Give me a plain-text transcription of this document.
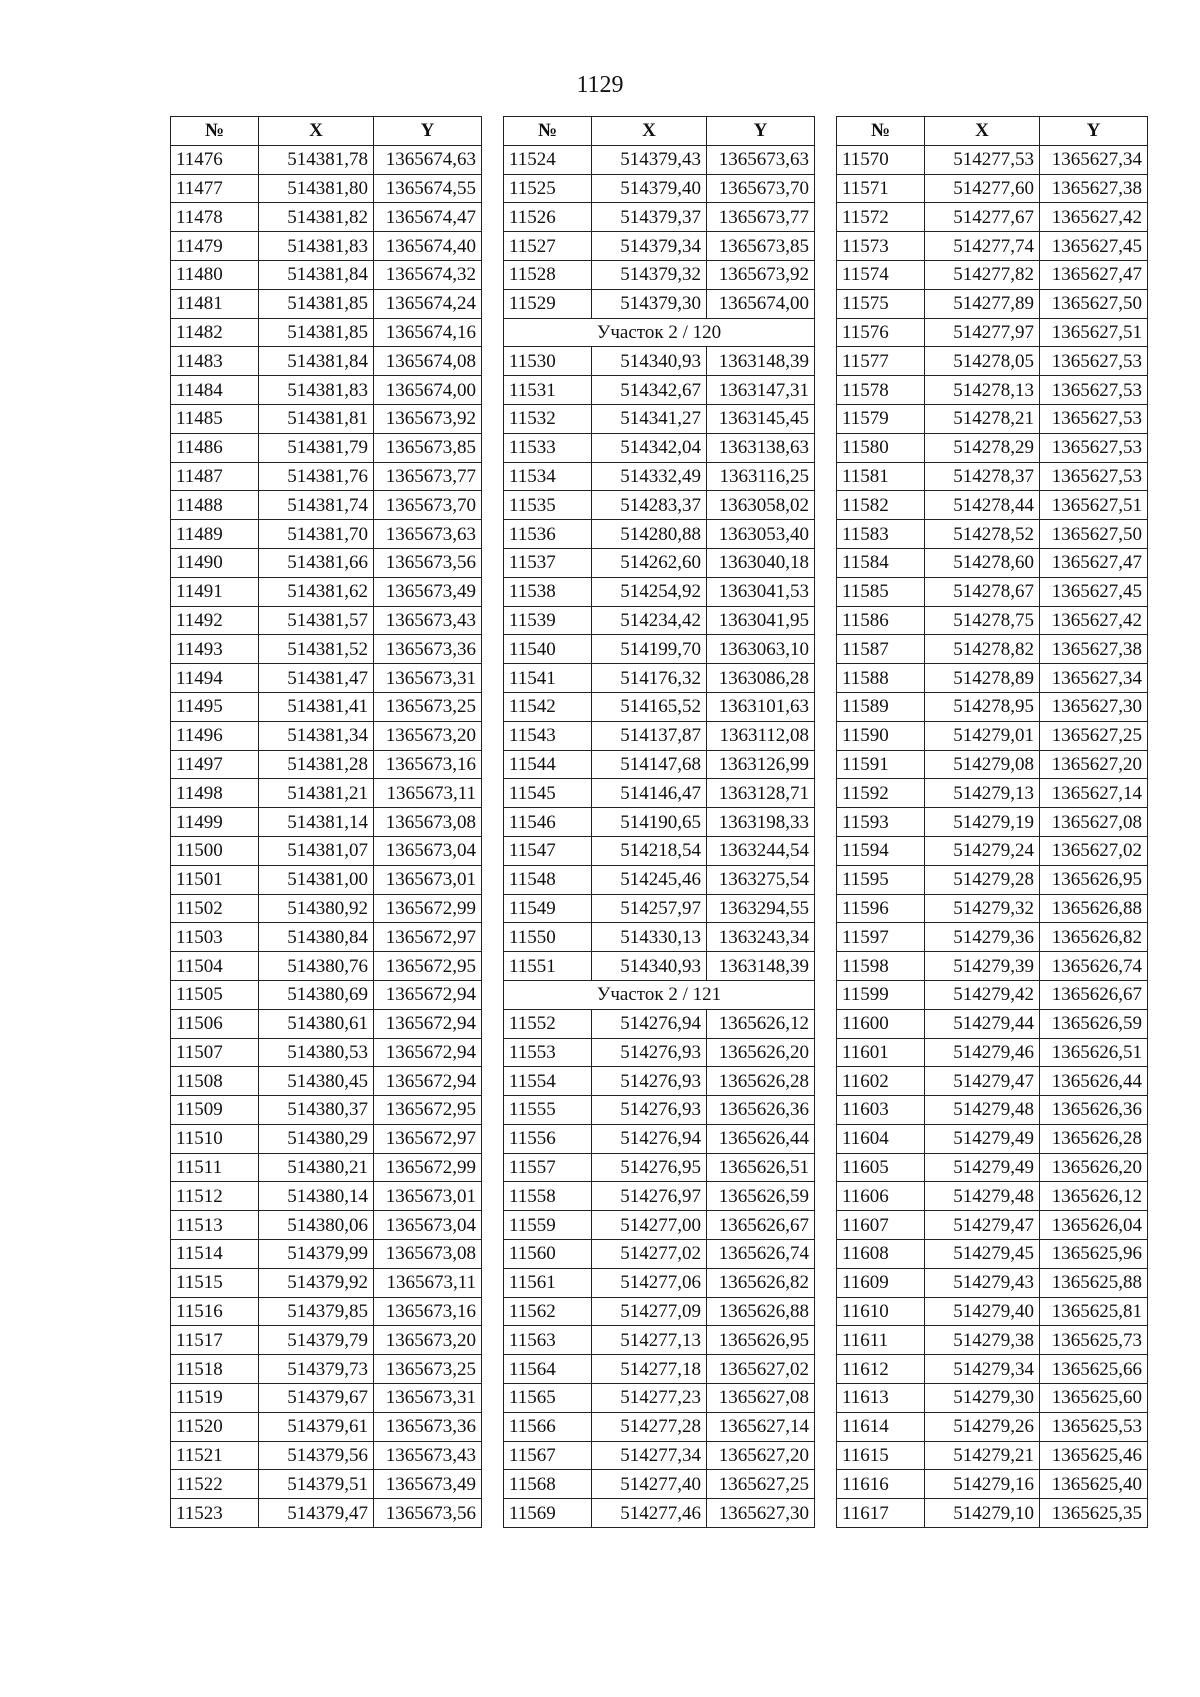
1129
№	X	Y
11476	514381,78	1365674,63
11477	514381,80	1365674,55
11478	514381,82	1365674,47
11479	514381,83	1365674,40
11480	514381,84	1365674,32
11481	514381,85	1365674,24
11482	514381,85	1365674,16
11483	514381,84	1365674,08
11484	514381,83	1365674,00
11485	514381,81	1365673,92
11486	514381,79	1365673,85
11487	514381,76	1365673,77
11488	514381,74	1365673,70
11489	514381,70	1365673,63
11490	514381,66	1365673,56
11491	514381,62	1365673,49
11492	514381,57	1365673,43
11493	514381,52	1365673,36
11494	514381,47	1365673,31
11495	514381,41	1365673,25
11496	514381,34	1365673,20
11497	514381,28	1365673,16
11498	514381,21	1365673,11
11499	514381,14	1365673,08
11500	514381,07	1365673,04
11501	514381,00	1365673,01
11502	514380,92	1365672,99
11503	514380,84	1365672,97
11504	514380,76	1365672,95
11505	514380,69	1365672,94
11506	514380,61	1365672,94
11507	514380,53	1365672,94
11508	514380,45	1365672,94
11509	514380,37	1365672,95
11510	514380,29	1365672,97
11511	514380,21	1365672,99
11512	514380,14	1365673,01
11513	514380,06	1365673,04
11514	514379,99	1365673,08
11515	514379,92	1365673,11
11516	514379,85	1365673,16
11517	514379,79	1365673,20
11518	514379,73	1365673,25
11519	514379,67	1365673,31
11520	514379,61	1365673,36
11521	514379,56	1365673,43
11522	514379,51	1365673,49
11523	514379,47	1365673,56
№	X	Y
11524	514379,43	1365673,63
11525	514379,40	1365673,70
11526	514379,37	1365673,77
11527	514379,34	1365673,85
11528	514379,32	1365673,92
11529	514379,30	1365674,00
Участок 2 / 120		
11530	514340,93	1363148,39
11531	514342,67	1363147,31
11532	514341,27	1363145,45
11533	514342,04	1363138,63
11534	514332,49	1363116,25
11535	514283,37	1363058,02
11536	514280,88	1363053,40
11537	514262,60	1363040,18
11538	514254,92	1363041,53
11539	514234,42	1363041,95
11540	514199,70	1363063,10
11541	514176,32	1363086,28
11542	514165,52	1363101,63
11543	514137,87	1363112,08
11544	514147,68	1363126,99
11545	514146,47	1363128,71
11546	514190,65	1363198,33
11547	514218,54	1363244,54
11548	514245,46	1363275,54
11549	514257,97	1363294,55
11550	514330,13	1363243,34
11551	514340,93	1363148,39
Участок 2 / 121		
11552	514276,94	1365626,12
11553	514276,93	1365626,20
11554	514276,93	1365626,28
11555	514276,93	1365626,36
11556	514276,94	1365626,44
11557	514276,95	1365626,51
11558	514276,97	1365626,59
11559	514277,00	1365626,67
11560	514277,02	1365626,74
11561	514277,06	1365626,82
11562	514277,09	1365626,88
11563	514277,13	1365626,95
11564	514277,18	1365627,02
11565	514277,23	1365627,08
11566	514277,28	1365627,14
11567	514277,34	1365627,20
11568	514277,40	1365627,25
11569	514277,46	1365627,30
№	X	Y
11570	514277,53	1365627,34
11571	514277,60	1365627,38
11572	514277,67	1365627,42
11573	514277,74	1365627,45
11574	514277,82	1365627,47
11575	514277,89	1365627,50
11576	514277,97	1365627,51
11577	514278,05	1365627,53
11578	514278,13	1365627,53
11579	514278,21	1365627,53
11580	514278,29	1365627,53
11581	514278,37	1365627,53
11582	514278,44	1365627,51
11583	514278,52	1365627,50
11584	514278,60	1365627,47
11585	514278,67	1365627,45
11586	514278,75	1365627,42
11587	514278,82	1365627,38
11588	514278,89	1365627,34
11589	514278,95	1365627,30
11590	514279,01	1365627,25
11591	514279,08	1365627,20
11592	514279,13	1365627,14
11593	514279,19	1365627,08
11594	514279,24	1365627,02
11595	514279,28	1365626,95
11596	514279,32	1365626,88
11597	514279,36	1365626,82
11598	514279,39	1365626,74
11599	514279,42	1365626,67
11600	514279,44	1365626,59
11601	514279,46	1365626,51
11602	514279,47	1365626,44
11603	514279,48	1365626,36
11604	514279,49	1365626,28
11605	514279,49	1365626,20
11606	514279,48	1365626,12
11607	514279,47	1365626,04
11608	514279,45	1365625,96
11609	514279,43	1365625,88
11610	514279,40	1365625,81
11611	514279,38	1365625,73
11612	514279,34	1365625,66
11613	514279,30	1365625,60
11614	514279,26	1365625,53
11615	514279,21	1365625,46
11616	514279,16	1365625,40
11617	514279,10	1365625,35
